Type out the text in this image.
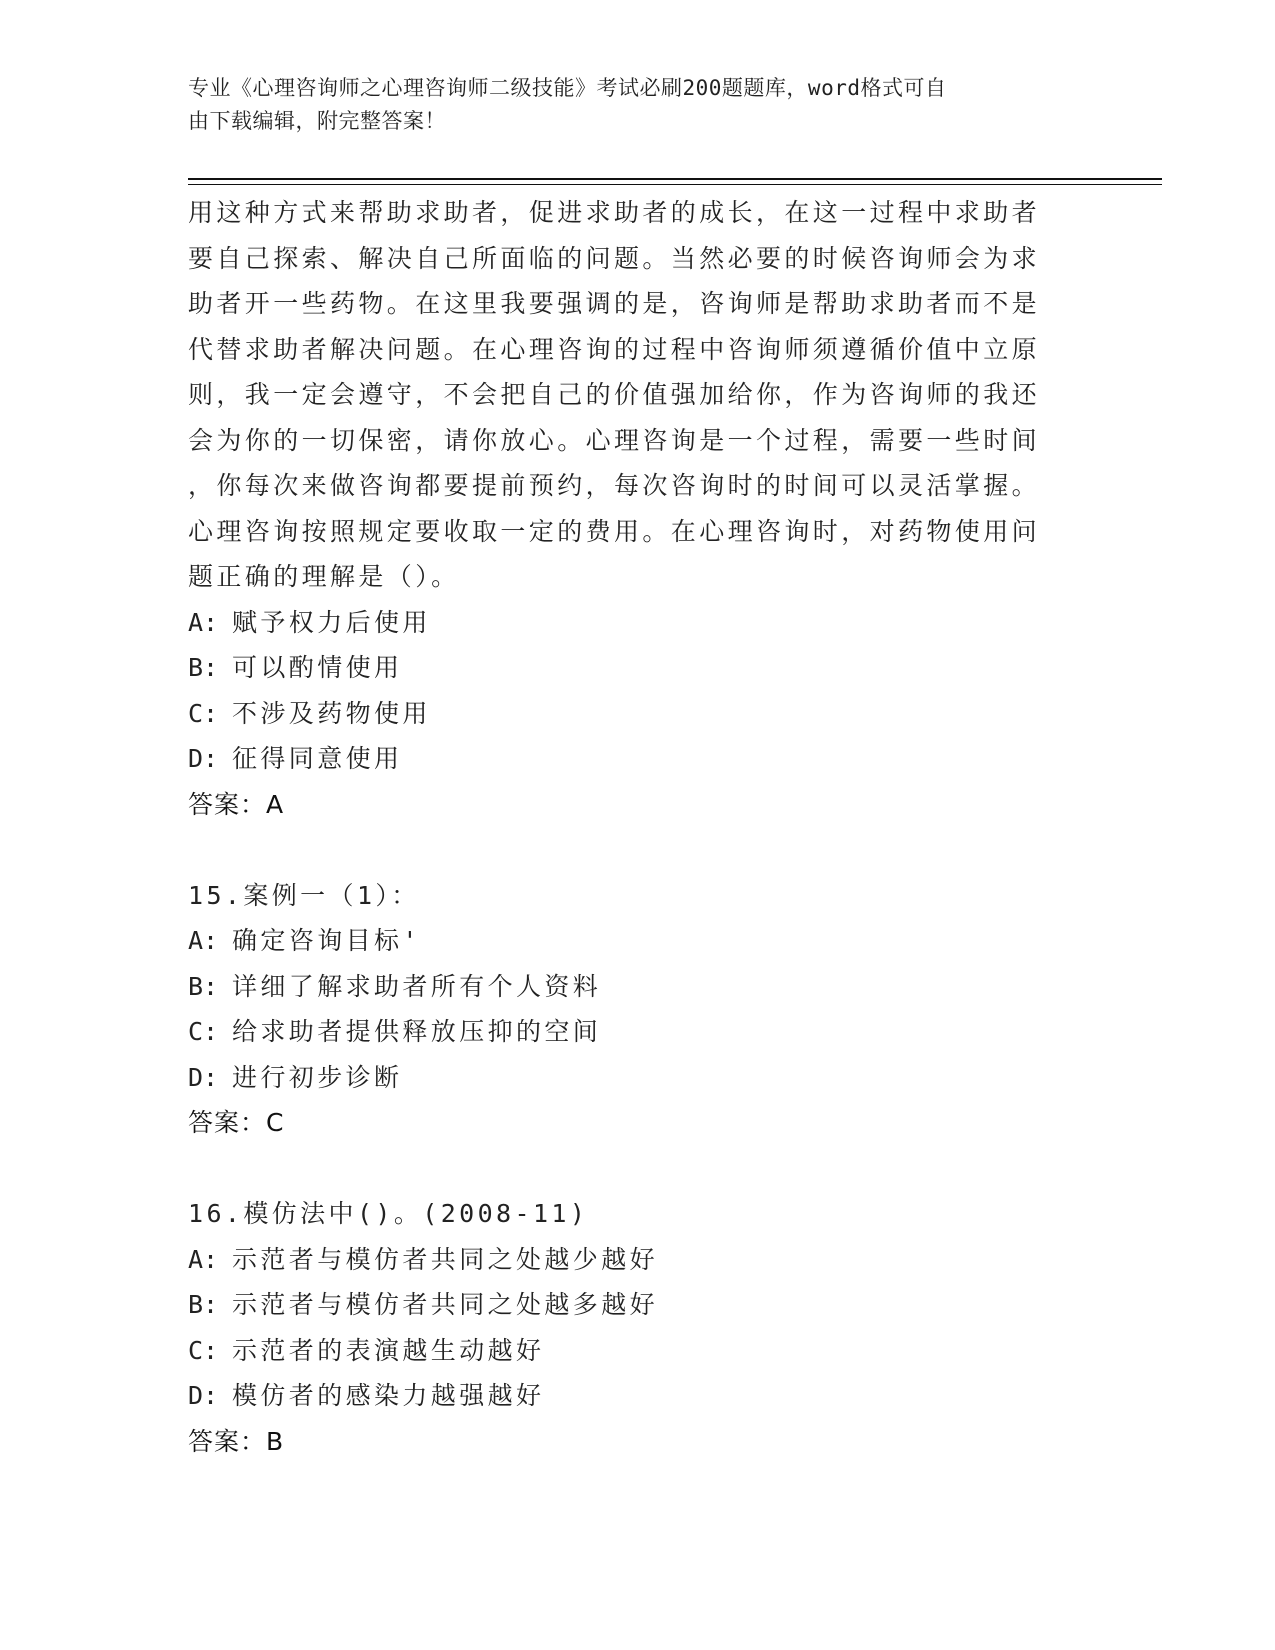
专业《心理咨询师之心理咨询师二级技能》考试必刷200题题库，word格式可自
由下载编辑，附完整答案！
用这种方式来帮助求助者，促进求助者的成长，在这一过程中求助者
要自己探索、解决自己所面临的问题。当然必要的时候咨询师会为求
助者开一些药物。在这里我要强调的是，咨询师是帮助求助者而不是
代替求助者解决问题。在心理咨询的过程中咨询师须遵循价值中立原
则，我一定会遵守，不会把自己的价值强加给你，作为咨询师的我还
会为你的一切保密，请你放心。心理咨询是一个过程，需要一些时间
，你每次来做咨询都要提前预约，每次咨询时的时间可以灵活掌握。
心理咨询按照规定要收取一定的费用。在心理咨询时，对药物使用问
题正确的理解是（）。
A: 赋予权力后使用
B: 可以酌情使用
C: 不涉及药物使用
D: 征得同意使用
答案：A
15.案例一（1）：
A: 确定咨询目标'
B: 详细了解求助者所有个人资料
C: 给求助者提供释放压抑的空间
D: 进行初步诊断
答案：C
16.模仿法中()。(2008-11)
A: 示范者与模仿者共同之处越少越好
B: 示范者与模仿者共同之处越多越好
C: 示范者的表演越生动越好
D: 模仿者的感染力越强越好
答案：B
